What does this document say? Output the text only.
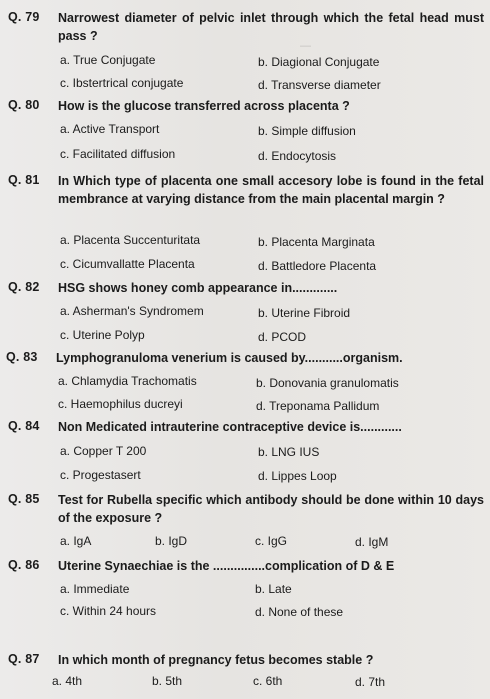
—
Q. 79 Narrowest diameter of pelvic inlet through which the fetal head must pass ?
a. True Conjugate	b. Diagional Conjugate
c. Ibstertrical conjugate	d. Transverse diameter
Q. 80 How is the glucose transferred across placenta ?
a. Active Transport	b. Simple diffusion
c. Facilitated diffusion	d. Endocytosis
Q. 81 In Which type of placenta one small accesory lobe is found in the fetal membrance at varying distance from the main placental margin ?
a. Placenta Succenturitata	b. Placenta Marginata
c. Cicumvallatte Placenta	d. Battledore Placenta
Q. 82 HSG shows honey comb appearance in.............
a. Asherman's Syndromem	b. Uterine Fibroid
c. Uterine Polyp	d. PCOD
Q. 83 Lymphogranuloma venerium is caused by...........organism.
a. Chlamydia Trachomatis	b. Donovania granulomatis
c. Haemophilus ducreyi	d. Treponama Pallidum
Q. 84 Non Medicated intrauterine contraceptive device is............
a. Copper T 200	b. LNG IUS
c. Progestasert	d. Lippes Loop
Q. 85 Test for Rubella specific which antibody should be done within 10 days of the exposure ?
a. IgA	b. IgD	c. IgG	d. IgM
Q. 86 Uterine Synaechiae is the ...............complication of D & E
a. Immediate	b. Late
c. Within 24 hours	d. None of these
Q. 87 In which month of pregnancy fetus becomes stable ?
a. 4th	b. 5th	c. 6th	d. 7th
